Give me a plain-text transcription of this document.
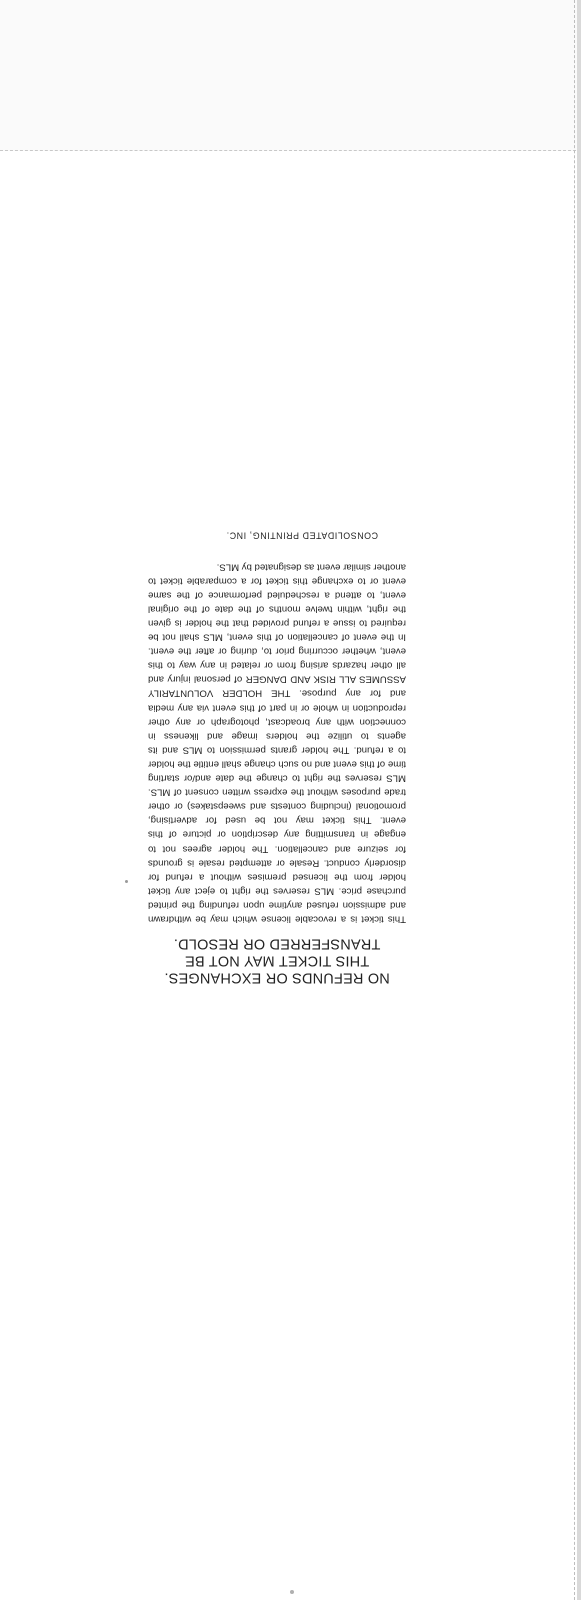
NO REFUNDS OR EXCHANGES.
THIS TICKET MAY NOT BE
TRANSFERRED OR RESOLD.

This ticket is a revocable license which may be withdrawn and admission refused anytime upon refunding the printed purchase price. MLS reserves the right to eject any ticket holder from the licensed premises without a refund for disorderly conduct. Resale or attempted resale is grounds for seizure and cancellation. The holder agrees not to engage in transmitting any description or picture of this event. This ticket may not be used for advertising, promotional (including contests and sweepstakes) or other trade purposes without the express written consent of MLS. MLS reserves the right to change the date and/or starting time of this event and no such change shall entitle the holder to a refund. The holder grants permission to MLS and its agents to utilize the holders image and likeness in connection with any broadcast, photograph or any other reproduction in whole or in part of this event via any media and for any purpose. THE HOLDER VOLUNTARILY ASSUMES ALL RISK AND DANGER of personal injury and all other hazards arising from or related in any way to this event, whether occurring prior to, during or after the event. In the event of cancellation of this event, MLS shall not be required to issue a refund provided that the holder is given the right, within twelve months of the date of the original event, to attend a rescheduled performance of the same event or to exchange this ticket for a comparable ticket to another similar event as designated by MLS.

CONSOLIDATED PRINTING, INC.
